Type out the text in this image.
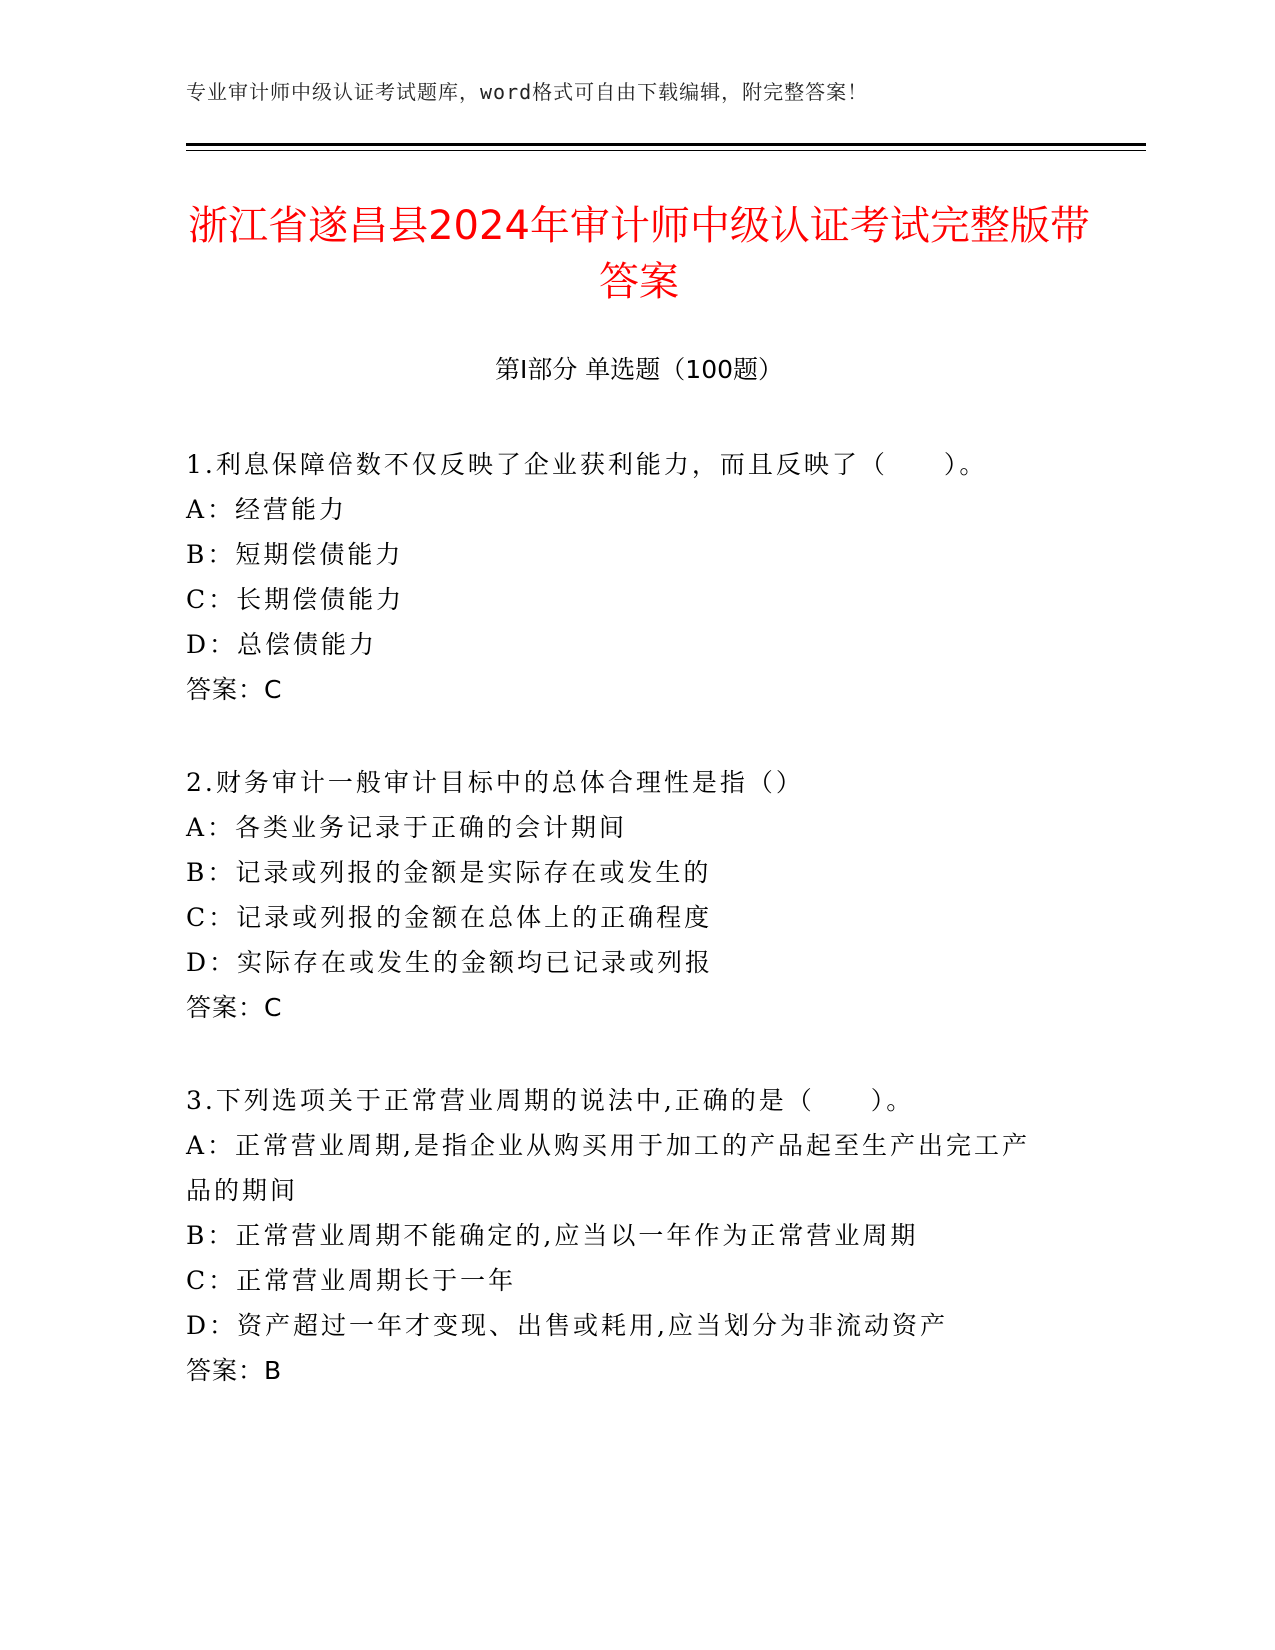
专业审计师中级认证考试题库，word格式可自由下载编辑，附完整答案！
浙江省遂昌县2024年审计师中级认证考试完整版带答案
第I部分 单选题（100题）

1.利息保障倍数不仅反映了企业获利能力，而且反映了（　　）。

A：经营能力

B：短期偿债能力

C：长期偿债能力

D：总偿债能力

答案：C

2.财务审计一般审计目标中的总体合理性是指（）

A：各类业务记录于正确的会计期间

B：记录或列报的金额是实际存在或发生的

C：记录或列报的金额在总体上的正确程度

D：实际存在或发生的金额均已记录或列报

答案：C

3.下列选项关于正常营业周期的说法中,正确的是（　　）。

A：正常营业周期,是指企业从购买用于加工的产品起至生产出完工产品的期间

B：正常营业周期不能确定的,应当以一年作为正常营业周期

C：正常营业周期长于一年

D：资产超过一年才变现、出售或耗用,应当划分为非流动资产

答案：B
